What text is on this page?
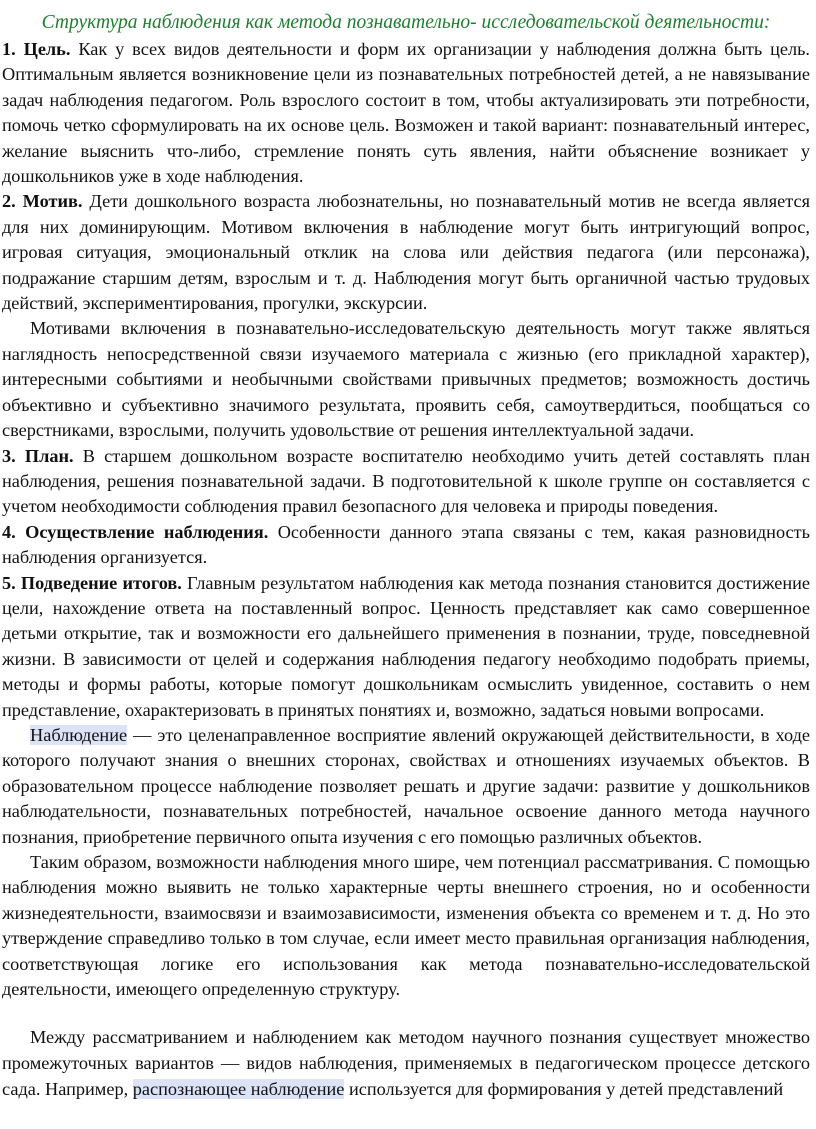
Структура наблюдения как метода познавательно- исследовательской деятельности:

1. Цель. Как у всех видов деятельности и форм их организации у наблюдения должна быть цель. Оптимальным является возникновение цели из познавательных потребностей детей, а не навязывание задач наблюдения педагогом. Роль взрослого состоит в том, чтобы актуализировать эти потребности, помочь четко сформулировать на их основе цель. Возможен и такой вариант: познавательный интерес, желание выяснить что-либо, стремление понять суть явления, найти объяснение возникает у дошкольников уже в ходе наблюдения.

2. Мотив. Дети дошкольного возраста любознательны, но познавательный мотив не всегда является для них доминирующим. Мотивом включения в наблюдение могут быть интригующий вопрос, игровая ситуация, эмоциональный отклик на слова или действия педагога (или персонажа), подражание старшим детям, взрослым и т. д. Наблюдения могут быть органичной частью трудовых действий, экспериментирования, прогулки, экскурсии.

Мотивами включения в познавательно-исследовательскую деятельность могут также являться наглядность непосредственной связи изучаемого материала с жизнью (его прикладной характер), интересными событиями и необычными свойствами привычных предметов; возможность достичь объективно и субъективно значимого результата, проявить себя, самоутвердиться, пообщаться со сверстниками, взрослыми, получить удовольствие от решения интеллектуальной задачи.

3. План. В старшем дошкольном возрасте воспитателю необходимо учить детей составлять план наблюдения, решения познавательной задачи. В подготовительной к школе группе он составляется с учетом необходимости соблюдения правил безопасного для человека и природы поведения.

4. Осуществление наблюдения. Особенности данного этапа связаны с тем, какая разновидность наблюдения организуется.

5. Подведение итогов. Главным результатом наблюдения как метода познания становится достижение цели, нахождение ответа на поставленный вопрос. Ценность представляет как само совершенное детьми открытие, так и возможности его дальнейшего применения в познании, труде, повседневной жизни. В зависимости от целей и содержания наблюдения педагогу необходимо подобрать приемы, методы и формы работы, которые помогут дошкольникам осмыслить увиденное, составить о нем представление, охарактеризовать в принятых понятиях и, возможно, задаться новыми вопросами.

Наблюдение — это целенаправленное восприятие явлений окружающей действительности, в ходе которого получают знания о внешних сторонах, свойствах и отношениях изучаемых объектов. В образовательном процессе наблюдение позволяет решать и другие задачи: развитие у дошкольников наблюдательности, познавательных потребностей, начальное освоение данного метода научного познания, приобретение первичного опыта изучения с его помощью различных объектов.

Таким образом, возможности наблюдения много шире, чем потенциал рассматривания. С помощью наблюдения можно выявить не только характерные черты внешнего строения, но и особенности жизнедеятельности, взаимосвязи и взаимозависимости, изменения объекта со временем и т. д. Но это утверждение справедливо только в том случае, если имеет место правильная организация наблюдения, соответствующая логике его использования как метода познавательно-исследовательской деятельности, имеющего определенную структуру.

Между рассматриванием и наблюдением как методом научного познания существует множество промежуточных вариантов — видов наблюдения, применяемых в педагогическом процессе детского сада. Например, распознающее наблюдение используется для формирования у детей представлений
